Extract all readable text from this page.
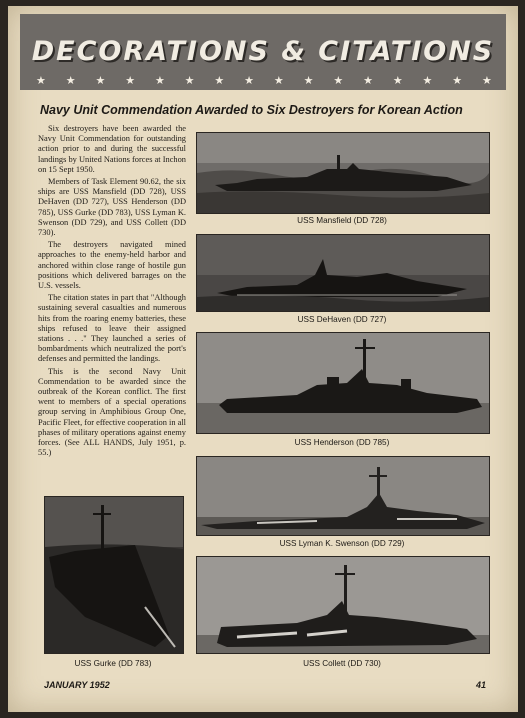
DECORATIONS & CITATIONS
★ ★ ★ ★ ★ ★ ★ ★ ★ ★ ★ ★ ★ ★ ★ ★
Navy Unit Commendation Awarded to Six Destroyers for Korean Action

Six destroyers have been awarded the Navy Unit Commendation for outstanding action prior to and during the successful landings by United Nations forces at Inchon on 15 Sept 1950.

Members of Task Element 90.62, the six ships are USS Mansfield (DD 728), USS DeHaven (DD 727), USS Henderson (DD 785), USS Gurke (DD 783), USS Lyman K. Swenson (DD 729), and USS Collett (DD 730).

The destroyers navigated mined approaches to the enemy-held harbor and anchored within close range of hostile gun positions which delivered barrages on the U.S. vessels.

The citation states in part that "Although sustaining several casualties and numerous hits from the roaring enemy batteries, these ships refused to leave their assigned stations . . ." They launched a series of bombardments which neutralized the port's defenses and permitted the landings.

This is the second Navy Unit Commendation to be awarded since the outbreak of the Korean conflict. The first went to members of a special operations group serving in Amphibious Group One, Pacific Fleet, for effective cooperation in all phases of military operations against enemy forces. (See ALL HANDS, July 1951, p. 55.)

USS Mansfield (DD 728)
USS DeHaven (DD 727)
USS Henderson (DD 785)
USS Lyman K. Swenson (DD 729)
USS Collett (DD 730)
USS Gurke (DD 783)
JANUARY 1952	41
